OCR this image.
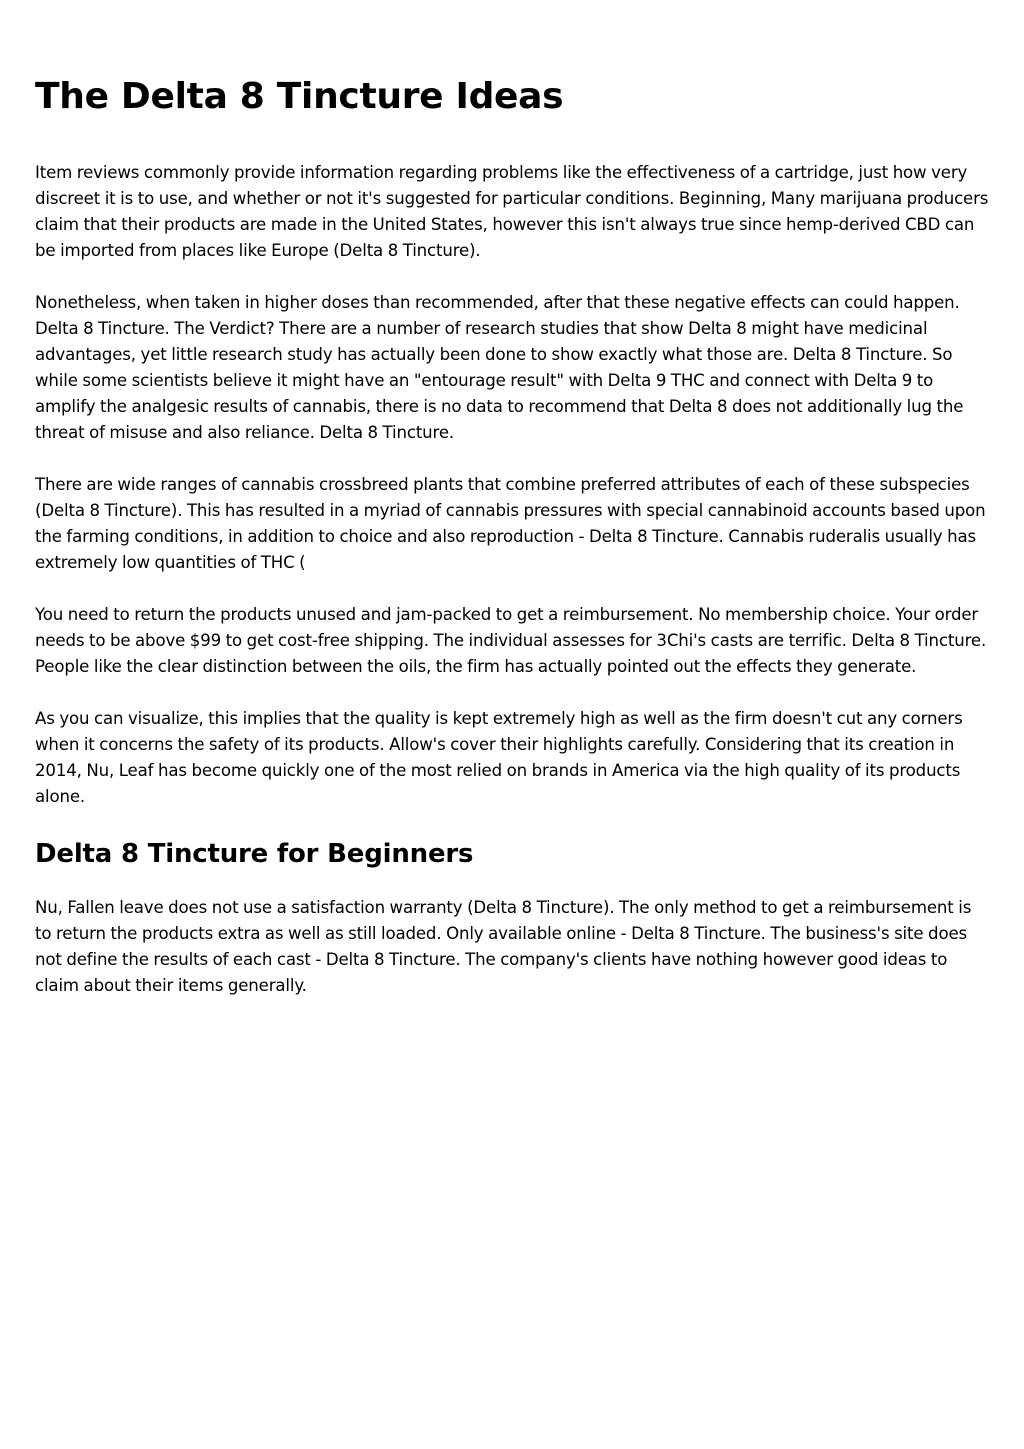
The Delta 8 Tincture Ideas

Item reviews commonly provide information regarding problems like the effectiveness of a cartridge, just how very discreet it is to use, and whether or not it's suggested for particular conditions. Beginning, Many marijuana producers claim that their products are made in the United States, however this isn't always true since hemp-derived CBD can be imported from places like Europe (Delta 8 Tincture).

Nonetheless, when taken in higher doses than recommended, after that these negative effects can could happen. Delta 8 Tincture. The Verdict? There are a number of research studies that show Delta 8 might have medicinal advantages, yet little research study has actually been done to show exactly what those are. Delta 8 Tincture. So while some scientists believe it might have an "entourage result" with Delta 9 THC and connect with Delta 9 to amplify the analgesic results of cannabis, there is no data to recommend that Delta 8 does not additionally lug the threat of misuse and also reliance. Delta 8 Tincture.

There are wide ranges of cannabis crossbreed plants that combine preferred attributes of each of these subspecies (Delta 8 Tincture). This has resulted in a myriad of cannabis pressures with special cannabinoid accounts based upon the farming conditions, in addition to choice and also reproduction - Delta 8 Tincture. Cannabis ruderalis usually has extremely low quantities of THC (

You need to return the products unused and jam-packed to get a reimbursement. No membership choice. Your order needs to be above $99 to get cost-free shipping. The individual assesses for 3Chi's casts are terrific. Delta 8 Tincture. People like the clear distinction between the oils, the firm has actually pointed out the effects they generate.

As you can visualize, this implies that the quality is kept extremely high as well as the firm doesn't cut any corners when it concerns the safety of its products. Allow's cover their highlights carefully. Considering that its creation in 2014, Nu, Leaf has become quickly one of the most relied on brands in America via the high quality of its products alone.

Delta 8 Tincture for Beginners

Nu, Fallen leave does not use a satisfaction warranty (Delta 8 Tincture). The only method to get a reimbursement is to return the products extra as well as still loaded. Only available online - Delta 8 Tincture. The business's site does not define the results of each cast - Delta 8 Tincture. The company's clients have nothing however good ideas to claim about their items generally.
